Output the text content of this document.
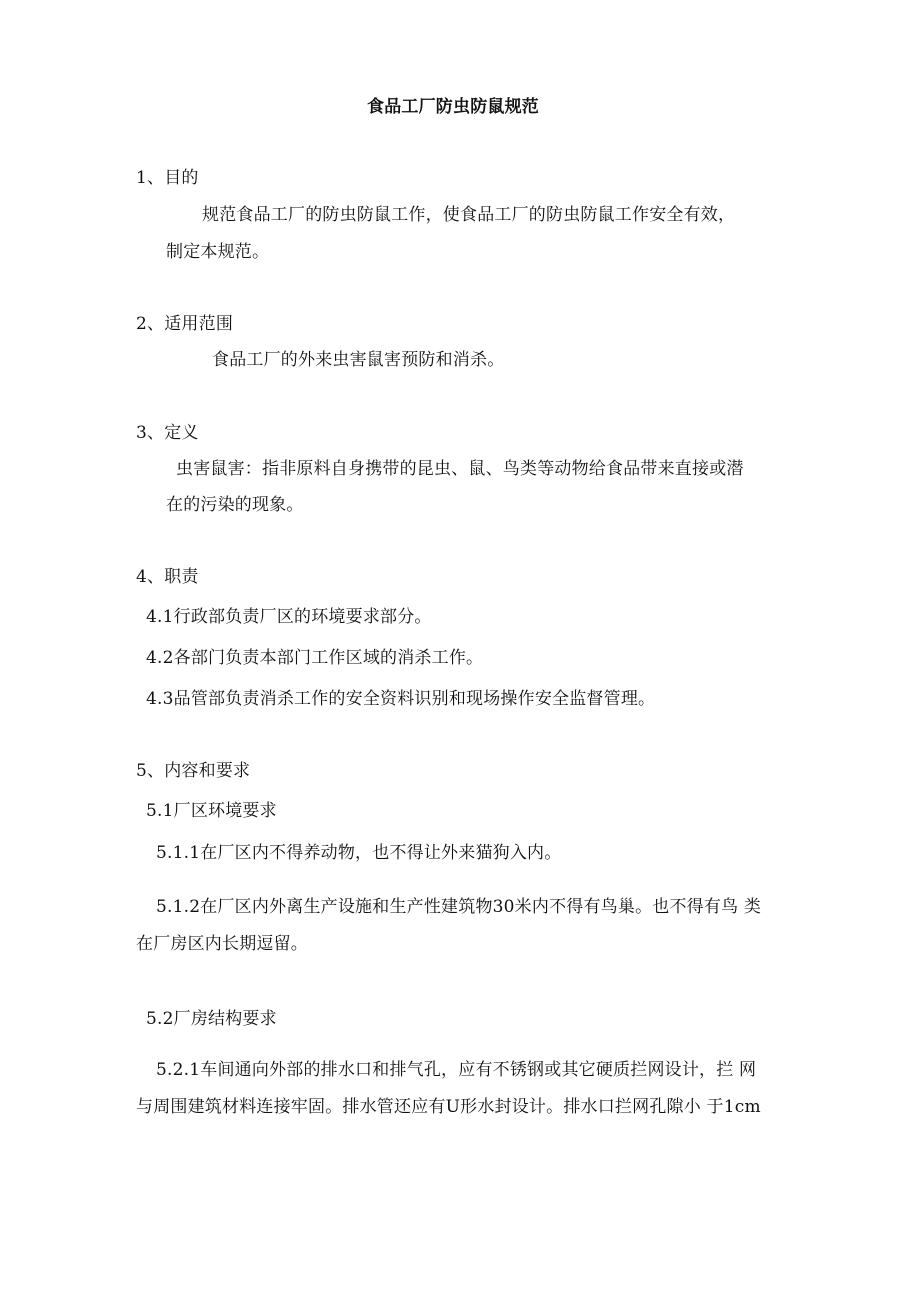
食品工厂防虫防鼠规范
1、目的
规范食品工厂的防虫防鼠工作，使食品工厂的防虫防鼠工作安全有效，
制定本规范。
2、适用范围
食品工厂的外来虫害鼠害预防和消杀。
3、定义
虫害鼠害：指非原料自身携带的昆虫、鼠、鸟类等动物给食品带来直接或潜
在的污染的现象。
4、职责
4.1行政部负责厂区的环境要求部分。
4.2各部门负责本部门工作区域的消杀工作。
4.3品管部负责消杀工作的安全资料识别和现场操作安全监督管理。
5、内容和要求
5.1厂区环境要求
5.1.1在厂区内不得养动物，也不得让外来猫狗入内。
5.1.2在厂区内外离生产设施和生产性建筑物30米内不得有鸟巢。也不得有鸟 类
在厂房区内长期逗留。
5.2厂房结构要求
5.2.1车间通向外部的排水口和排气孔，应有不锈钢或其它硬质拦网设计，拦 网
与周围建筑材料连接牢固。排水管还应有U形水封设计。排水口拦网孔隙小 于1cm
